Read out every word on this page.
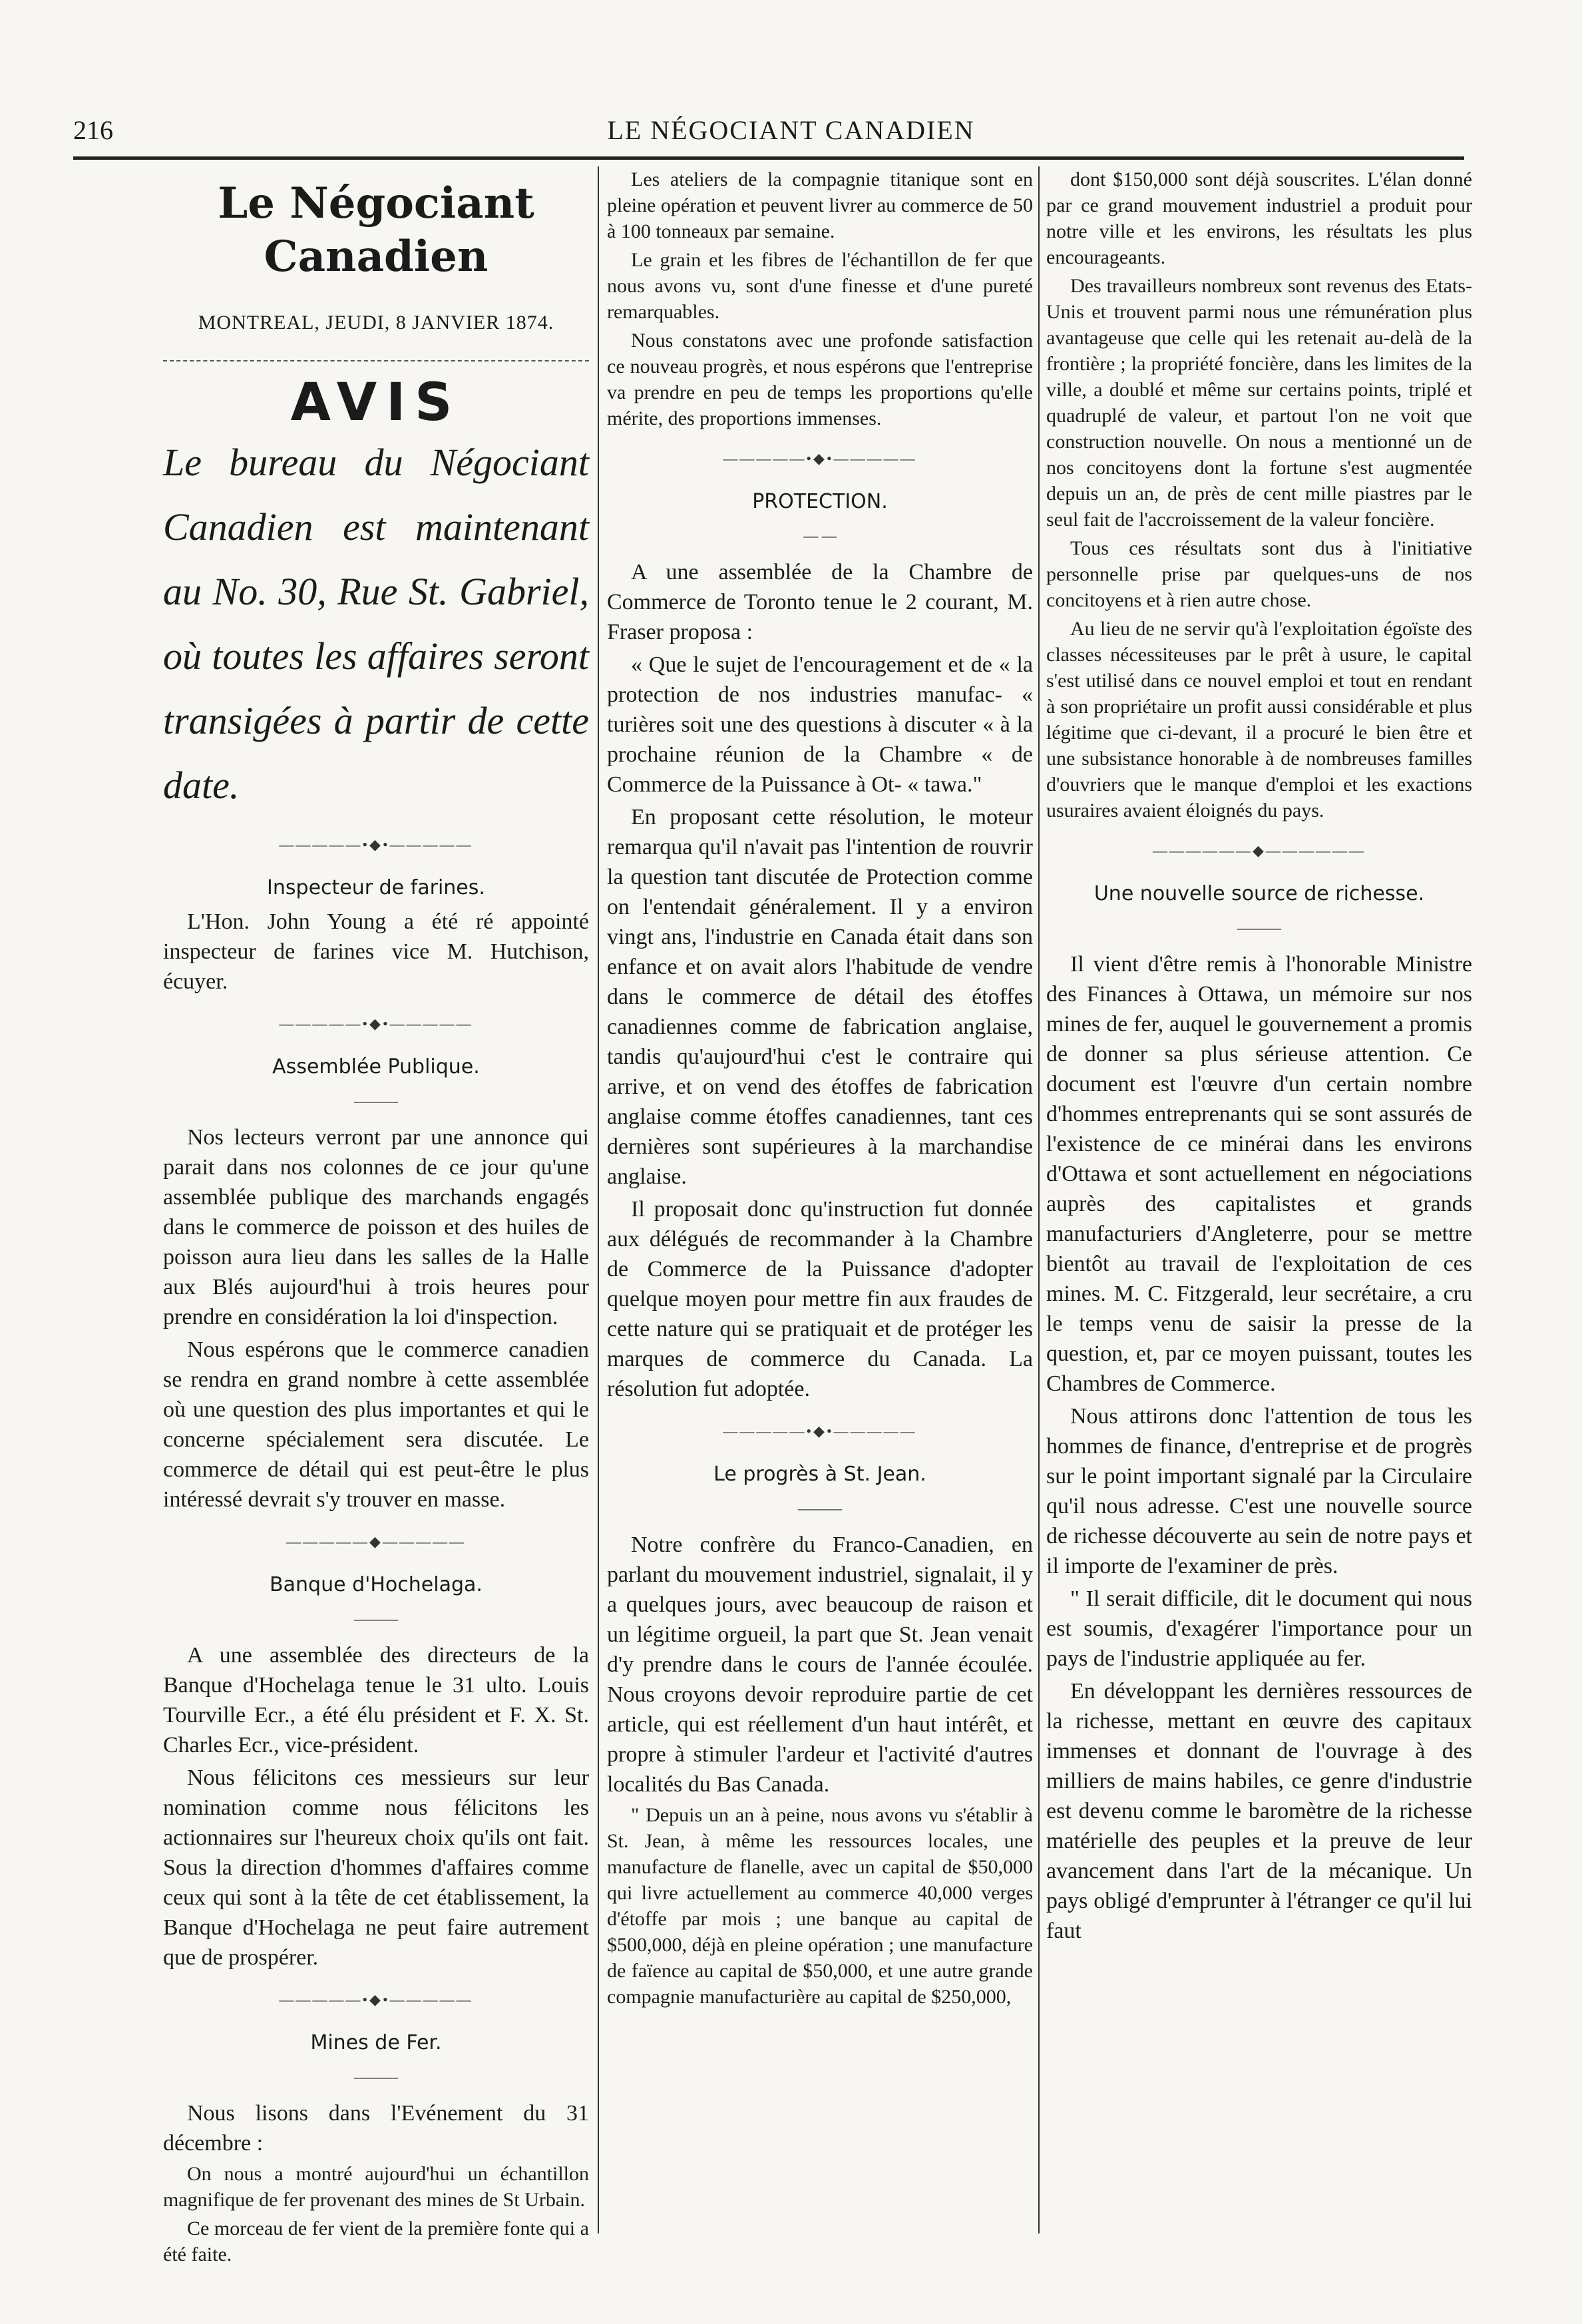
216	LE NÉGOCIANT CANADIEN
Le Négociant Canadien
MONTREAL, JEUDI, 8 JANVIER 1874.
AVIS

Le bureau du Négociant Canadien est maintenant au No. 30, Rue St. Gabriel, où toutes les affaires seront transigées à partir de cette date.

—————•◆•—————
Inspecteur de farines.

L'Hon. John Young a été ré appointé inspecteur de farines vice M. Hutchison, écuyer.

—————•◆•—————
Assemblée Publique.
———

Nos lecteurs verront par une annonce qui parait dans nos colonnes de ce jour qu'une assemblée publique des marchands engagés dans le commerce de poisson et des huiles de poisson aura lieu dans les salles de la Halle aux Blés aujourd'hui à trois heures pour prendre en considération la loi d'inspection.

Nous espérons que le commerce canadien se rendra en grand nombre à cette assemblée où une question des plus importantes et qui le concerne spécialement sera discutée. Le commerce de détail qui est peut-être le plus intéressé devrait s'y trouver en masse.

—————◆—————
Banque d'Hochelaga.
———

A une assemblée des directeurs de la Banque d'Hochelaga tenue le 31 ulto. Louis Tourville Ecr., a été élu président et F. X. St. Charles Ecr., vice-président.

Nous félicitons ces messieurs sur leur nomination comme nous félicitons les actionnaires sur l'heureux choix qu'ils ont fait. Sous la direction d'hommes d'affaires comme ceux qui sont à la tête de cet établissement, la Banque d'Hochelaga ne peut faire autrement que de prospérer.

—————•◆•—————
Mines de Fer.
———

Nous lisons dans l'Evénement du 31 décembre :

On nous a montré aujourd'hui un échantillon magnifique de fer provenant des mines de St Urbain.

Ce morceau de fer vient de la première fonte qui a été faite.

Les ateliers de la compagnie titanique sont en pleine opération et peuvent livrer au commerce de 50 à 100 tonneaux par semaine.

Le grain et les fibres de l'échantillon de fer que nous avons vu, sont d'une finesse et d'une pureté remarquables.

Nous constatons avec une profonde satisfaction ce nouveau progrès, et nous espérons que l'entreprise va prendre en peu de temps les proportions qu'elle mérite, des proportions immenses.

—————•◆•—————
PROTECTION.
— —

A une assemblée de la Chambre de Commerce de Toronto tenue le 2 courant, M. Fraser proposa :

« Que le sujet de l'encouragement et de « la protection de nos industries manufac- « turières soit une des questions à discuter « à la prochaine réunion de la Chambre « de Commerce de la Puissance à Ot- « tawa."

En proposant cette résolution, le moteur remarqua qu'il n'avait pas l'intention de rouvrir la question tant discutée de Protection comme on l'entendait généralement. Il y a environ vingt ans, l'industrie en Canada était dans son enfance et on avait alors l'habitude de vendre dans le commerce de détail des étoffes canadiennes comme de fabrication anglaise, tandis qu'aujourd'hui c'est le contraire qui arrive, et on vend des étoffes de fabrication anglaise comme étoffes canadiennes, tant ces dernières sont supérieures à la marchandise anglaise.

Il proposait donc qu'instruction fut donnée aux délégués de recommander à la Chambre de Commerce de la Puissance d'adopter quelque moyen pour mettre fin aux fraudes de cette nature qui se pratiquait et de protéger les marques de commerce du Canada. La résolution fut adoptée.

—————•◆•—————
Le progrès à St. Jean.
———

Notre confrère du Franco-Canadien, en parlant du mouvement industriel, signalait, il y a quelques jours, avec beaucoup de raison et un légitime orgueil, la part que St. Jean venait d'y prendre dans le cours de l'année écoulée. Nous croyons devoir reproduire partie de cet article, qui est réellement d'un haut intérêt, et propre à stimuler l'ardeur et l'activité d'autres localités du Bas Canada.

" Depuis un an à peine, nous avons vu s'établir à St. Jean, à même les ressources locales, une manufacture de flanelle, avec un capital de $50,000 qui livre actuellement au commerce 40,000 verges d'étoffe par mois ; une banque au capital de $500,000, déjà en pleine opération ; une manufacture de faïence au capital de $50,000, et une autre grande compagnie manufacturière au capital de $250,000,

dont $150,000 sont déjà souscrites. L'élan donné par ce grand mouvement industriel a produit pour notre ville et les environs, les résultats les plus encourageants.

Des travailleurs nombreux sont revenus des Etats-Unis et trouvent parmi nous une rémunération plus avantageuse que celle qui les retenait au-delà de la frontière ; la propriété foncière, dans les limites de la ville, a doublé et même sur certains points, triplé et quadruplé de valeur, et partout l'on ne voit que construction nouvelle. On nous a mentionné un de nos concitoyens dont la fortune s'est augmentée depuis un an, de près de cent mille piastres par le seul fait de l'accroissement de la valeur foncière.

Tous ces résultats sont dus à l'initiative personnelle prise par quelques-uns de nos concitoyens et à rien autre chose.

Au lieu de ne servir qu'à l'exploitation égoïste des classes nécessiteuses par le prêt à usure, le capital s'est utilisé dans ce nouvel emploi et tout en rendant à son propriétaire un profit aussi considérable et plus légitime que ci-devant, il a procuré le bien être et une subsistance honorable à de nombreuses familles d'ouvriers que le manque d'emploi et les exactions usuraires avaient éloignés du pays.

——————◆——————
Une nouvelle source de richesse.
———

Il vient d'être remis à l'honorable Ministre des Finances à Ottawa, un mémoire sur nos mines de fer, auquel le gouvernement a promis de donner sa plus sérieuse attention. Ce document est l'œuvre d'un certain nombre d'hommes entreprenants qui se sont assurés de l'existence de ce minérai dans les environs d'Ottawa et sont actuellement en négociations auprès des capitalistes et grands manufacturiers d'Angleterre, pour se mettre bientôt au travail de l'exploitation de ces mines. M. C. Fitzgerald, leur secrétaire, a cru le temps venu de saisir la presse de la question, et, par ce moyen puissant, toutes les Chambres de Commerce.

Nous attirons donc l'attention de tous les hommes de finance, d'entreprise et de progrès sur le point important signalé par la Circulaire qu'il nous adresse. C'est une nouvelle source de richesse découverte au sein de notre pays et il importe de l'examiner de près.

" Il serait difficile, dit le document qui nous est soumis, d'exagérer l'importance pour un pays de l'industrie appliquée au fer.

En développant les dernières ressources de la richesse, mettant en œuvre des capitaux immenses et donnant de l'ouvrage à des milliers de mains habiles, ce genre d'industrie est devenu comme le baromètre de la richesse matérielle des peuples et la preuve de leur avancement dans l'art de la mécanique. Un pays obligé d'emprunter à l'étranger ce qu'il lui faut
